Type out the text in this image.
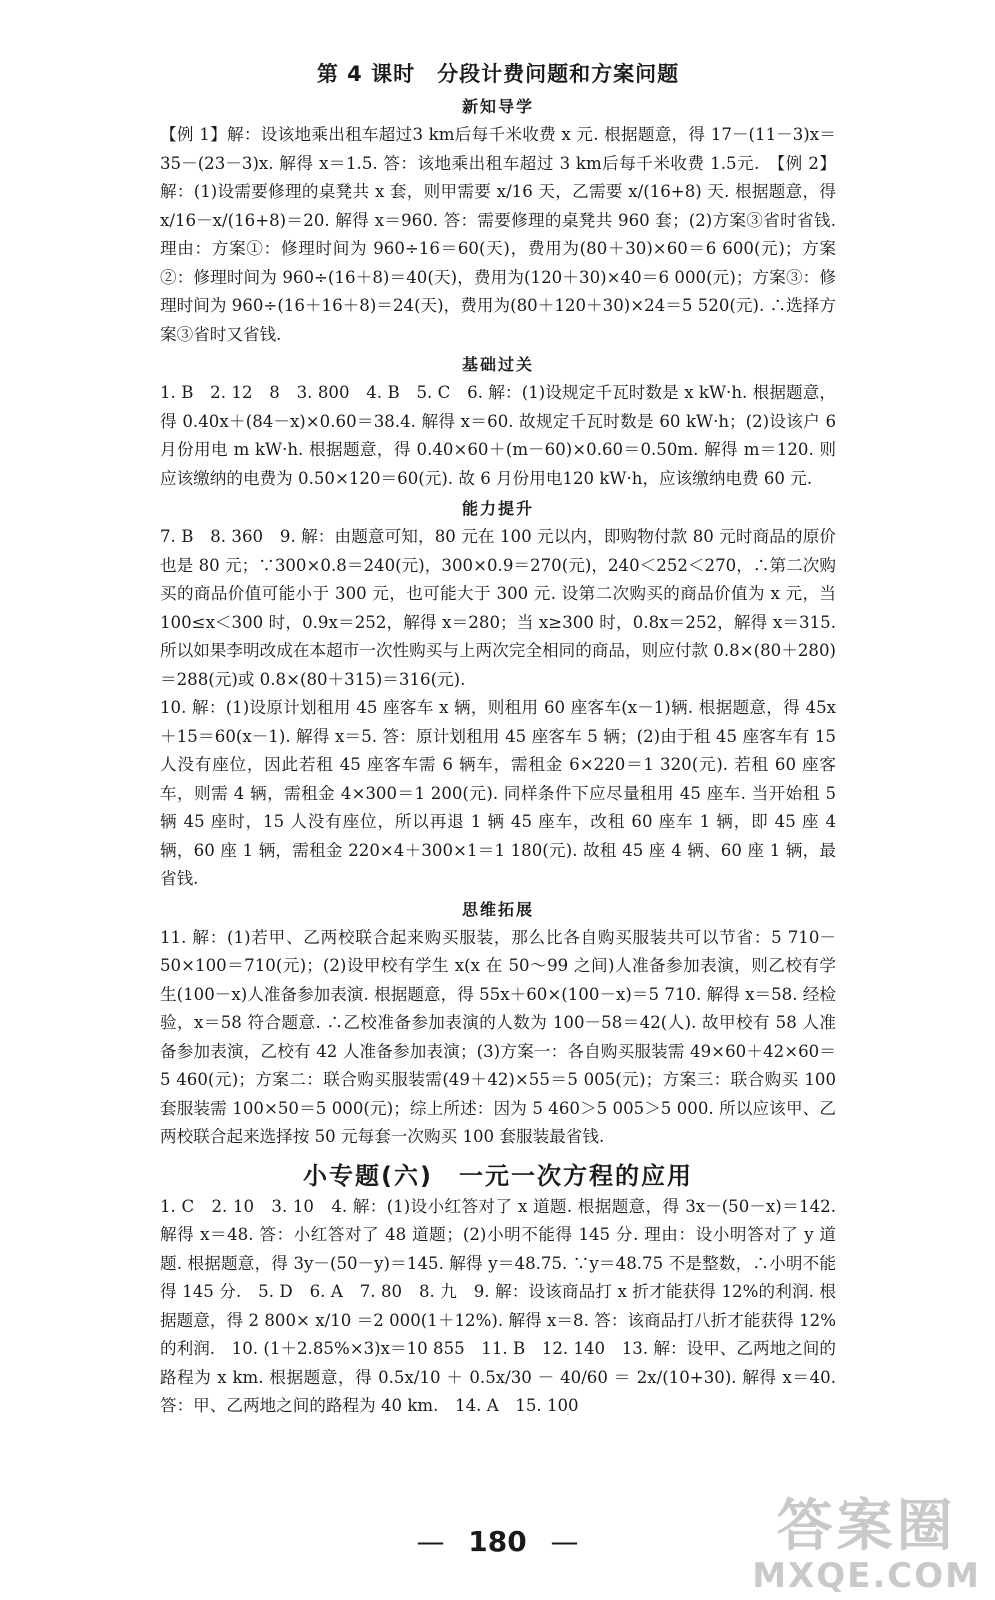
第 4 课时　分段计费问题和方案问题
新知导学

【例 1】解：设该地乘出租车超过3 km后每千米收费 x 元. 根据题意，得 17－(11－3)x＝35－(23－3)x. 解得 x＝1.5. 答：该地乘出租车超过 3 km后每千米收费 1.5元.　【例 2】解：(1)设需要修理的桌凳共 x 套，则甲需要 x/16 天，乙需要 x/(16+8) 天. 根据题意，得 x/16－x/(16+8)＝20. 解得 x＝960. 答：需要修理的桌凳共 960 套；(2)方案③省时省钱. 理由：方案①：修理时间为 960÷16＝60(天)，费用为(80＋30)×60＝6 600(元)；方案②：修理时间为 960÷(16＋8)＝40(天)，费用为(120＋30)×40＝6 000(元)；方案③：修理时间为 960÷(16＋16＋8)＝24(天)，费用为(80＋120＋30)×24＝5 520(元). ∴选择方案③省时又省钱.

基础过关

1. B　2. 12　8　3. 800　4. B　5. C　6. 解：(1)设规定千瓦时数是 x kW·h. 根据题意，得 0.40x＋(84－x)×0.60＝38.4. 解得 x＝60. 故规定千瓦时数是 60 kW·h；(2)设该户 6 月份用电 m kW·h. 根据题意，得 0.40×60＋(m－60)×0.60＝0.50m. 解得 m＝120. 则应该缴纳的电费为 0.50×120＝60(元). 故 6 月份用电120 kW·h，应该缴纳电费 60 元.

能力提升

7. B　8. 360　9. 解：由题意可知，80 元在 100 元以内，即购物付款 80 元时商品的原价也是 80 元；∵300×0.8＝240(元)，300×0.9＝270(元)，240＜252＜270，∴第二次购买的商品价值可能小于 300 元，也可能大于 300 元. 设第二次购买的商品价值为 x 元，当 100≤x＜300 时，0.9x＝252，解得 x＝280；当 x≥300 时，0.8x＝252，解得 x＝315. 所以如果李明改成在本超市一次性购买与上两次完全相同的商品，则应付款 0.8×(80＋280)＝288(元)或 0.8×(80＋315)＝316(元).

10. 解：(1)设原计划租用 45 座客车 x 辆，则租用 60 座客车(x－1)辆. 根据题意，得 45x＋15＝60(x－1). 解得 x＝5. 答：原计划租用 45 座客车 5 辆；(2)由于租 45 座客车有 15 人没有座位，因此若租 45 座客车需 6 辆车，需租金 6×220＝1 320(元). 若租 60 座客车，则需 4 辆，需租金 4×300＝1 200(元). 同样条件下应尽量租用 45 座车. 当开始租 5 辆 45 座时，15 人没有座位，所以再退 1 辆 45 座车，改租 60 座车 1 辆，即 45 座 4 辆，60 座 1 辆，需租金 220×4＋300×1＝1 180(元). 故租 45 座 4 辆、60 座 1 辆，最省钱.

思维拓展

11. 解：(1)若甲、乙两校联合起来购买服装，那么比各自购买服装共可以节省：5 710－50×100＝710(元)；(2)设甲校有学生 x(x 在 50～99 之间)人准备参加表演，则乙校有学生(100－x)人准备参加表演. 根据题意，得 55x＋60×(100－x)＝5 710. 解得 x＝58. 经检验，x＝58 符合题意. ∴乙校准备参加表演的人数为 100－58＝42(人). 故甲校有 58 人准备参加表演，乙校有 42 人准备参加表演；(3)方案一：各自购买服装需 49×60＋42×60＝5 460(元)；方案二：联合购买服装需(49＋42)×55＝5 005(元)；方案三：联合购买 100 套服装需 100×50＝5 000(元)；综上所述：因为 5 460＞5 005＞5 000. 所以应该甲、乙两校联合起来选择按 50 元每套一次购买 100 套服装最省钱.

小专题(六)　一元一次方程的应用

1. C　2. 10　3. 10　4. 解：(1)设小红答对了 x 道题. 根据题意，得 3x－(50－x)＝142. 解得 x＝48. 答：小红答对了 48 道题；(2)小明不能得 145 分. 理由：设小明答对了 y 道题. 根据题意，得 3y－(50－y)＝145. 解得 y＝48.75. ∵y＝48.75 不是整数，∴小明不能得 145 分.　5. D　6. A　7. 80　8. 九　9. 解：设该商品打 x 折才能获得 12%的利润. 根据题意，得 2 800× x/10 ＝2 000(1＋12%). 解得 x＝8. 答：该商品打八折才能获得 12%的利润.　10. (1＋2.85%×3)x＝10 855　11. B　12. 140　13. 解：设甲、乙两地之间的路程为 x km. 根据题意，得 0.5x/10 ＋ 0.5x/30 － 40/60 ＝ 2x/(10+30). 解得 x＝40. 答：甲、乙两地之间的路程为 40 km.　14. A　15. 100

— 180 —	答案圈
MXQE.COM
